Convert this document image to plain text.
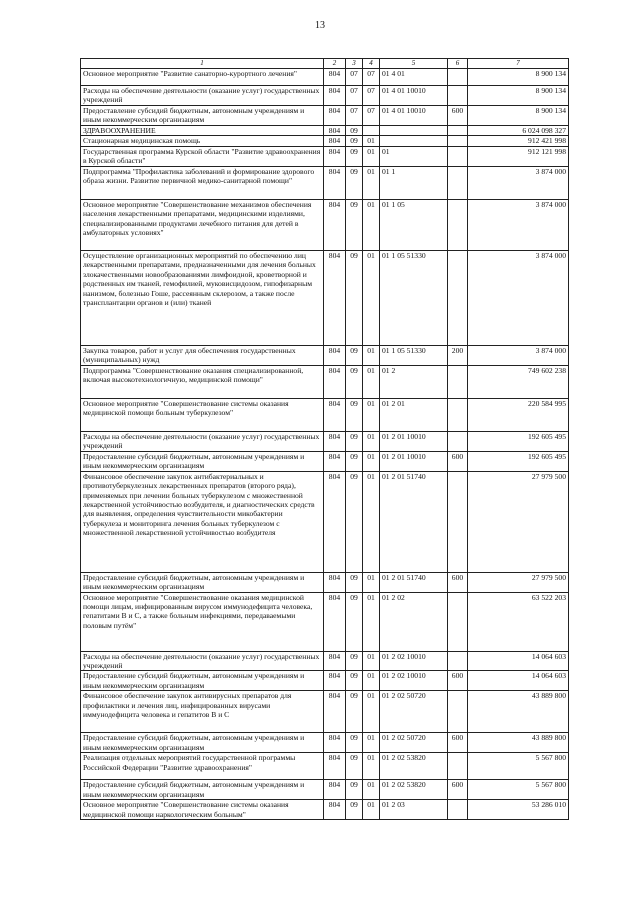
13
1	2	3	4	5	6	7
Основное мероприятие "Развитие санаторно-курортного лечения"	804	07	07	01 4 01		8 900 134
Расходы на обеспечение деятельности (оказание услуг) государственных учреждений	804	07	07	01 4 01 10010		8 900 134
Предоставление субсидий бюджетным, автономным учреждениям и иным некоммерческим организациям	804	07	07	01 4 01 10010	600	8 900 134
ЗДРАВООХРАНЕНИЕ	804	09				6 024 098 327
Стационарная медицинская помощь	804	09	01			912 421 998
Государственная программа Курской области "Развитие здравоохранения в Курской области"	804	09	01	01		912 121 998
Подпрограмма "Профилактика заболеваний и формирование здорового образа жизни. Развитие первичной медико-санитарной помощи"	804	09	01	01 1		3 874 000
Основное мероприятие "Совершенствование механизмов обеспечения населения лекарственными препаратами, медицинскими изделиями, специализированными продуктами лечебного питания для детей в амбулаторных условиях"	804	09	01	01 1 05		3 874 000
Осуществление организационных мероприятий по обеспечению лиц лекарственными препаратами, предназначенными для лечения больных злокачественными новообразованиями лимфоидной, кроветворной и родственных им тканей, гемофилией, муковисцидозом, гипофизарным нанизмом, болезнью Гоше, рассеянным склерозом, а также после трансплантации органов и (или) тканей	804	09	01	01 1 05 51330		3 874 000
Закупка товаров, работ и услуг для обеспечения государственных (муниципальных) нужд	804	09	01	01 1 05 51330	200	3 874 000
Подпрограмма "Совершенствование оказания специализированной, включая высокотехнологичную, медицинской помощи"	804	09	01	01 2		749 602 238
Основное мероприятие "Совершенствование системы оказания медицинской помощи больным туберкулезом"	804	09	01	01 2 01		220 584 995
Расходы на обеспечение деятельности (оказание услуг) государственных учреждений	804	09	01	01 2 01 10010		192 605 495
Предоставление субсидий бюджетным, автономным учреждениям и иным некоммерческим организациям	804	09	01	01 2 01 10010	600	192 605 495
Финансовое обеспечение закупок антибактериальных и противотуберкулезных лекарственных препаратов (второго ряда), применяемых при лечении больных туберкулезом с множественной лекарственной устойчивостью возбудителя, и диагностических средств для выявления, определения чувствительности микобактерии туберкулеза и мониторинга лечения больных туберкулезом с множественной лекарственной устойчивостью возбудителя	804	09	01	01 2 01 51740		27 979 500
Предоставление субсидий бюджетным, автономным учреждениям и иным некоммерческим организациям	804	09	01	01 2 01 51740	600	27 979 500
Основное мероприятие "Совершенствование оказания медицинской помощи лицам, инфицированным вирусом иммунодефицита человека, гепатитами B и C, а также больным инфекциями, передаваемыми половым путём"	804	09	01	01 2 02		63 522 203
Расходы на обеспечение деятельности (оказание услуг) государственных учреждений	804	09	01	01 2 02 10010		14 064 603
Предоставление субсидий бюджетным, автономным учреждениям и иным некоммерческим организациям	804	09	01	01 2 02 10010	600	14 064 603
Финансовое обеспечение закупок антивирусных препаратов для профилактики и лечения лиц, инфицированных вирусами иммунодефицита человека и гепатитов B и C	804	09	01	01 2 02 50720		43 889 800
Предоставление субсидий бюджетным, автономным учреждениям и иным некоммерческим организациям	804	09	01	01 2 02 50720	600	43 889 800
Реализация отдельных мероприятий государственной программы Российской Федерации "Развитие здравоохранения"	804	09	01	01 2 02 53820		5 567 800
Предоставление субсидий бюджетным, автономным учреждениям и иным некоммерческим организациям	804	09	01	01 2 02 53820	600	5 567 800
Основное мероприятие "Совершенствование системы оказания медицинской помощи наркологическим больным"	804	09	01	01 2 03		53 286 010
